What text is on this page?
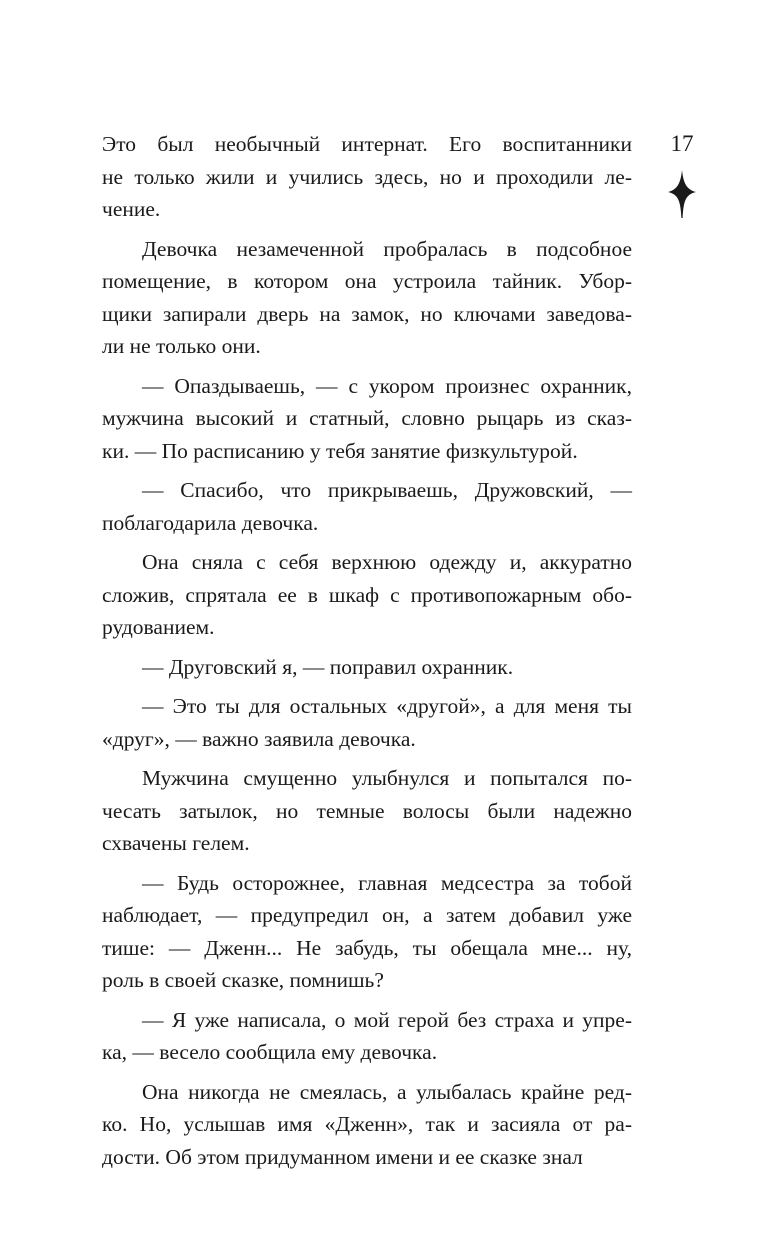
17
Это был необычный интернат. Его воспитанники
не только жили и учились здесь, но и проходили ле-
чение.
Девочка незамеченной пробралась в подсобное
помещение, в котором она устроила тайник. Убор-
щики запирали дверь на замок, но ключами заведова-
ли не только они.
— Опаздываешь, — с укором произнес охранник,
мужчина высокий и статный, словно рыцарь из сказ-
ки. — По расписанию у тебя занятие физкультурой.
— Спасибо, что прикрываешь, Дружовский, —
поблагодарила девочка.
Она сняла с себя верхнюю одежду и, аккуратно
сложив, спрятала ее в шкаф с противопожарным обо-
рудованием.
— Друговский я, — поправил охранник.
— Это ты для остальных «другой», а для меня ты
«друг», — важно заявила девочка.
Мужчина смущенно улыбнулся и попытался по-
чесать затылок, но темные волосы были надежно
схвачены гелем.
— Будь осторожнее, главная медсестра за тобой
наблюдает, — предупредил он, а затем добавил уже
тише: — Дженн... Не забудь, ты обещала мне... ну,
роль в своей сказке, помнишь?
— Я уже написала, о мой герой без страха и упре-
ка, — весело сообщила ему девочка.
Она никогда не смеялась, а улыбалась крайне ред-
ко. Но, услышав имя «Дженн», так и засияла от ра-
дости. Об этом придуманном имени и ее сказке знал
